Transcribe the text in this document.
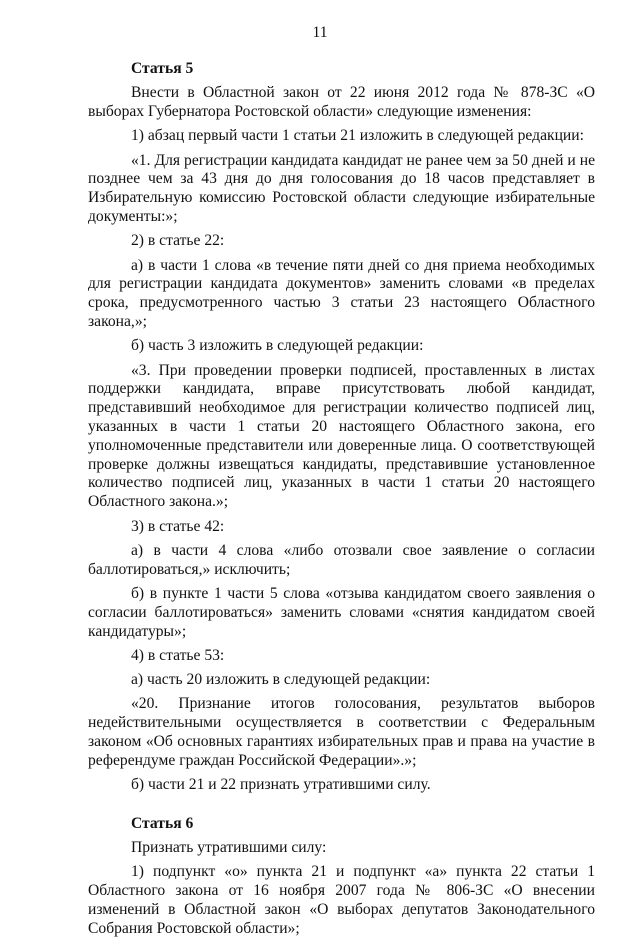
11
Статья 5

Внести в Областной закон от 22 июня 2012 года № 878-ЗС «О выборах Губернатора Ростовской области» следующие изменения:

1) абзац первый части 1 статьи 21 изложить в следующей редакции:

«1. Для регистрации кандидата кандидат не ранее чем за 50 дней и не позднее чем за 43 дня до дня голосования до 18 часов представляет в Избирательную комиссию Ростовской области следующие избирательные документы:»;

2) в статье 22:

а) в части 1 слова «в течение пяти дней со дня приема необходимых для регистрации кандидата документов» заменить словами «в пределах срока, предусмотренного частью 3 статьи 23 настоящего Областного закона,»;

б) часть 3 изложить в следующей редакции:

«3. При проведении проверки подписей, проставленных в листах поддержки кандидата, вправе присутствовать любой кандидат, представивший необходимое для регистрации количество подписей лиц, указанных в части 1 статьи 20 настоящего Областного закона, его уполномоченные представители или доверенные лица. О соответствующей проверке должны извещаться кандидаты, представившие установленное количество подписей лиц, указанных в части 1 статьи 20 настоящего Областного закона.»;

3) в статье 42:

а) в части 4 слова «либо отозвали свое заявление о согласии баллотироваться,» исключить;

б) в пункте 1 части 5 слова «отзыва кандидатом своего заявления о согласии баллотироваться» заменить словами «снятия кандидатом своей кандидатуры»;

4) в статье 53:

а) часть 20 изложить в следующей редакции:

«20. Признание итогов голосования, результатов выборов недействительными осуществляется в соответствии с Федеральным законом «Об основных гарантиях избирательных прав и права на участие в референдуме граждан Российской Федерации».»;

б) части 21 и 22 признать утратившими силу.

Статья 6

Признать утратившими силу:

1) подпункт «о» пункта 21 и подпункт «а» пункта 22 статьи 1 Областного закона от 16 ноября 2007 года № 806-ЗС «О внесении изменений в Областной закон «О выборах депутатов Законодательного Собрания Ростовской области»;
